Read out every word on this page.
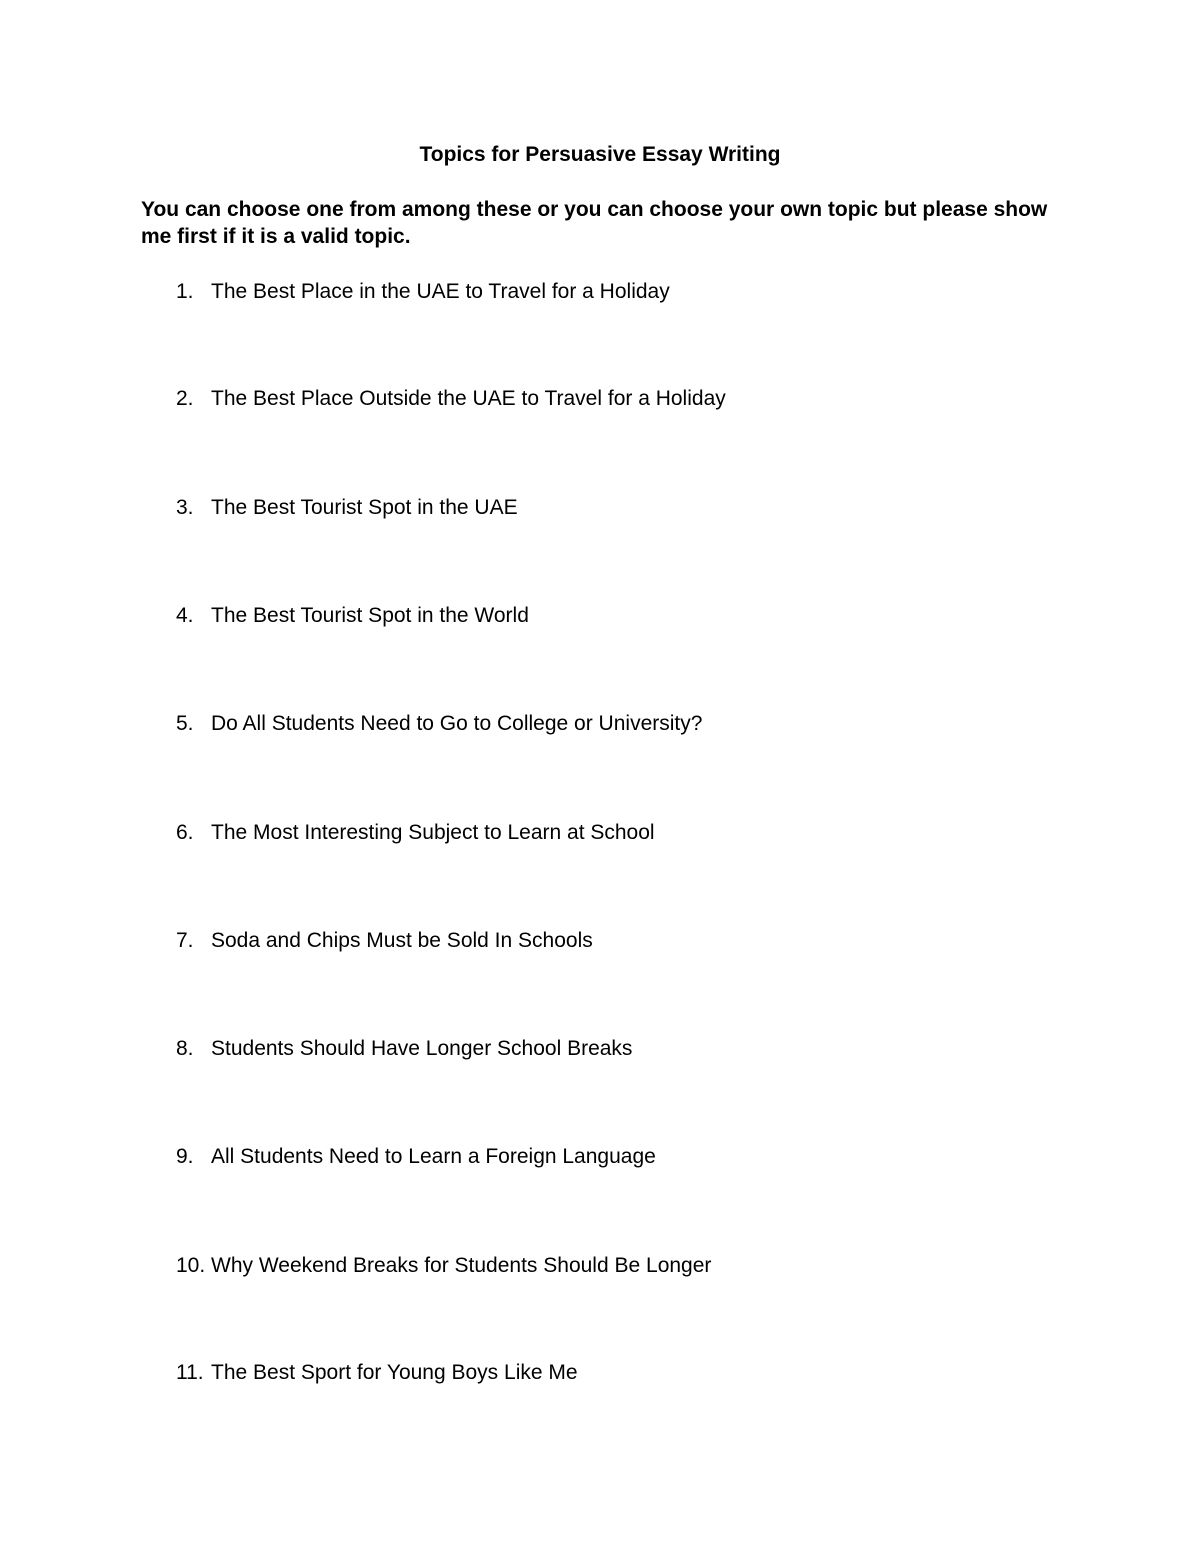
Topics for Persuasive Essay Writing
You can choose one from among these or you can choose your own topic but please show me first if it is a valid topic.
1. The Best Place in the UAE to Travel for a Holiday
2. The Best Place Outside the UAE to Travel for a Holiday
3. The Best Tourist Spot in the UAE
4. The Best Tourist Spot in the World
5. Do All Students Need to Go to College or University?
6. The Most Interesting Subject to Learn at School
7. Soda and Chips Must be Sold In Schools
8. Students Should Have Longer School Breaks
9. All Students Need to Learn a Foreign Language
10. Why Weekend Breaks for Students Should Be Longer
11. The Best Sport for Young Boys Like Me
